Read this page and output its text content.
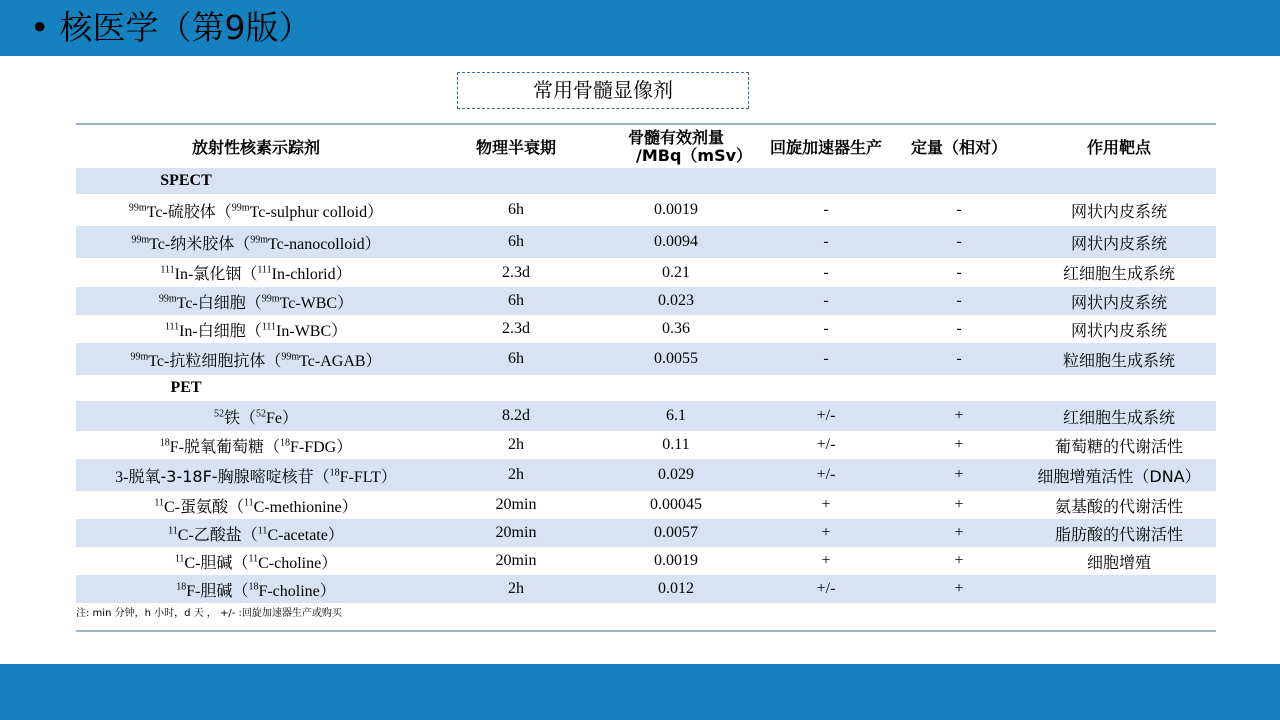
• 核医学（第9版）
常用骨髓显像剂
放射性核素示踪剂	物理半衰期	骨髓有效剂量
/MBq（mSv）	回旋加速器生产	定量（相对）	作用靶点
SPECT					
$^{99m}$Tc-硫胶体（$^{99m}$Tc-sulphur colloid）	6h	0.0019	-	-	网状内皮系统
$^{99m}$Tc-纳米胶体（$^{99m}$Tc-nanocolloid）	6h	0.0094	-	-	网状内皮系统
$^{111}$In-氯化铟（$^{111}$In-chlorid）	2.3d	0.21	-	-	红细胞生成系统
$^{99m}$Tc-白细胞（$^{99m}$Tc-WBC）	6h	0.023	-	-	网状内皮系统
$^{111}$In-白细胞（$^{111}$In-WBC）	2.3d	0.36	-	-	网状内皮系统
$^{99m}$Tc-抗粒细胞抗体（$^{99m}$Tc-AGAB）	6h	0.0055	-	-	粒细胞生成系统
PET					
$^{52}$铁（$^{52}$Fe）	8.2d	6.1	+/-	+	红细胞生成系统
$^{18}$F-脱氧葡萄糖（$^{18}$F-FDG）	2h	0.11	+/-	+	葡萄糖的代谢活性
3-脱氧-3-18F-胸腺嘧啶核苷（$^{18}$F-FLT）	2h	0.029	+/-	+	细胞增殖活性（DNA）
$^{11}$C-蛋氨酸（$^{11}$C-methionine）	20min	0.00045	+	+	氨基酸的代谢活性
$^{11}$C-乙酸盐（$^{11}$C-acetate）	20min	0.0057	+	+	脂肪酸的代谢活性
$^{11}$C-胆碱（$^{11}$C-choline）	20min	0.0019	+	+	细胞增殖
$^{18}$F-胆碱（$^{18}$F-choline）	2h	0.012	+/-	+	
注: min 分钟，h 小时，d 天 ， +/- :回旋加速器生产或购买
